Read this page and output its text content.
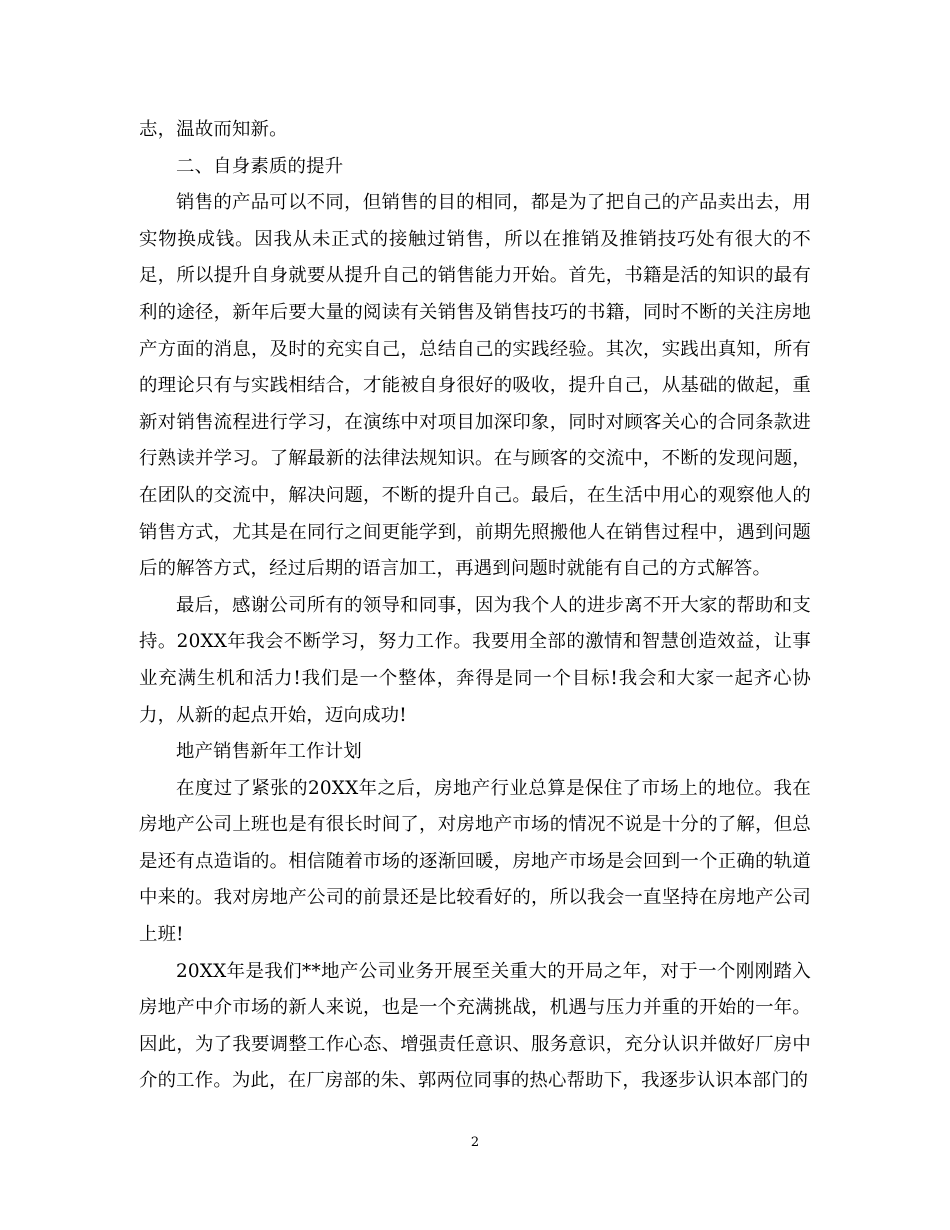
志，温故而知新。

二、自身素质的提升

销售的产品可以不同，但销售的目的相同，都是为了把自己的产品卖出去，用实物换成钱。因我从未正式的接触过销售，所以在推销及推销技巧处有很大的不足，所以提升自身就要从提升自己的销售能力开始。首先，书籍是活的知识的最有利的途径，新年后要大量的阅读有关销售及销售技巧的书籍，同时不断的关注房地产方面的消息，及时的充实自己，总结自己的实践经验。其次，实践出真知，所有的理论只有与实践相结合，才能被自身很好的吸收，提升自己，从基础的做起，重新对销售流程进行学习，在演练中对项目加深印象，同时对顾客关心的合同条款进行熟读并学习。了解最新的法律法规知识。在与顾客的交流中，不断的发现问题，在团队的交流中，解决问题，不断的提升自己。最后，在生活中用心的观察他人的销售方式，尤其是在同行之间更能学到，前期先照搬他人在销售过程中，遇到问题后的解答方式，经过后期的语言加工，再遇到问题时就能有自己的方式解答。

最后，感谢公司所有的领导和同事，因为我个人的进步离不开大家的帮助和支持。20XX年我会不断学习，努力工作。我要用全部的激情和智慧创造效益，让事业充满生机和活力!我们是一个整体，奔得是同一个目标!我会和大家一起齐心协力，从新的起点开始，迈向成功!

地产销售新年工作计划

在度过了紧张的20XX年之后，房地产行业总算是保住了市场上的地位。我在房地产公司上班也是有很长时间了，对房地产市场的情况不说是十分的了解，但总是还有点造诣的。相信随着市场的逐渐回暖，房地产市场是会回到一个正确的轨道中来的。我对房地产公司的前景还是比较看好的，所以我会一直坚持在房地产公司上班!

20XX年是我们**地产公司业务开展至关重大的开局之年，对于一个刚刚踏入房地产中介市场的新人来说，也是一个充满挑战，机遇与压力并重的开始的一年。因此，为了我要调整工作心态、增强责任意识、服务意识，充分认识并做好厂房中介的工作。为此，在厂房部的朱、郭两位同事的热心帮助下，我逐步认识本部门的

2
